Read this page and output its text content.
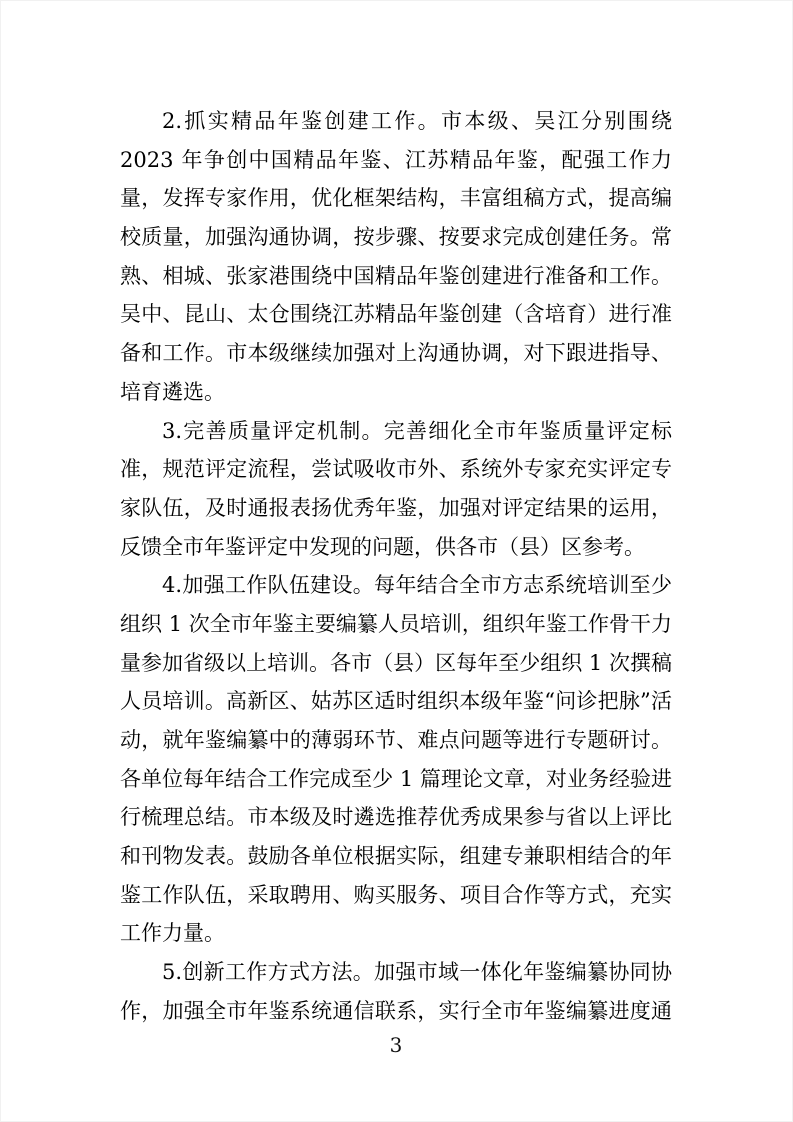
2.抓实精品年鉴创建工作。市本级、吴江分别围绕
2023 年争创中国精品年鉴、江苏精品年鉴，配强工作力
量，发挥专家作用，优化框架结构，丰富组稿方式，提高编
校质量，加强沟通协调，按步骤、按要求完成创建任务。常
熟、相城、张家港围绕中国精品年鉴创建进行准备和工作。
吴中、昆山、太仓围绕江苏精品年鉴创建（含培育）进行准
备和工作。市本级继续加强对上沟通协调，对下跟进指导、
培育遴选。
3.完善质量评定机制。完善细化全市年鉴质量评定标
准，规范评定流程，尝试吸收市外、系统外专家充实评定专
家队伍，及时通报表扬优秀年鉴，加强对评定结果的运用，
反馈全市年鉴评定中发现的问题，供各市（县）区参考。
4.加强工作队伍建设。每年结合全市方志系统培训至少
组织 1 次全市年鉴主要编纂人员培训，组织年鉴工作骨干力
量参加省级以上培训。各市（县）区每年至少组织 1 次撰稿
人员培训。高新区、姑苏区适时组织本级年鉴“问诊把脉”活
动，就年鉴编纂中的薄弱环节、难点问题等进行专题研讨。
各单位每年结合工作完成至少 1 篇理论文章，对业务经验进
行梳理总结。市本级及时遴选推荐优秀成果参与省以上评比
和刊物发表。鼓励各单位根据实际，组建专兼职相结合的年
鉴工作队伍，采取聘用、购买服务、项目合作等方式，充实
工作力量。
5.创新工作方式方法。加强市域一体化年鉴编纂协同协
作，加强全市年鉴系统通信联系，实行全市年鉴编纂进度通
3
